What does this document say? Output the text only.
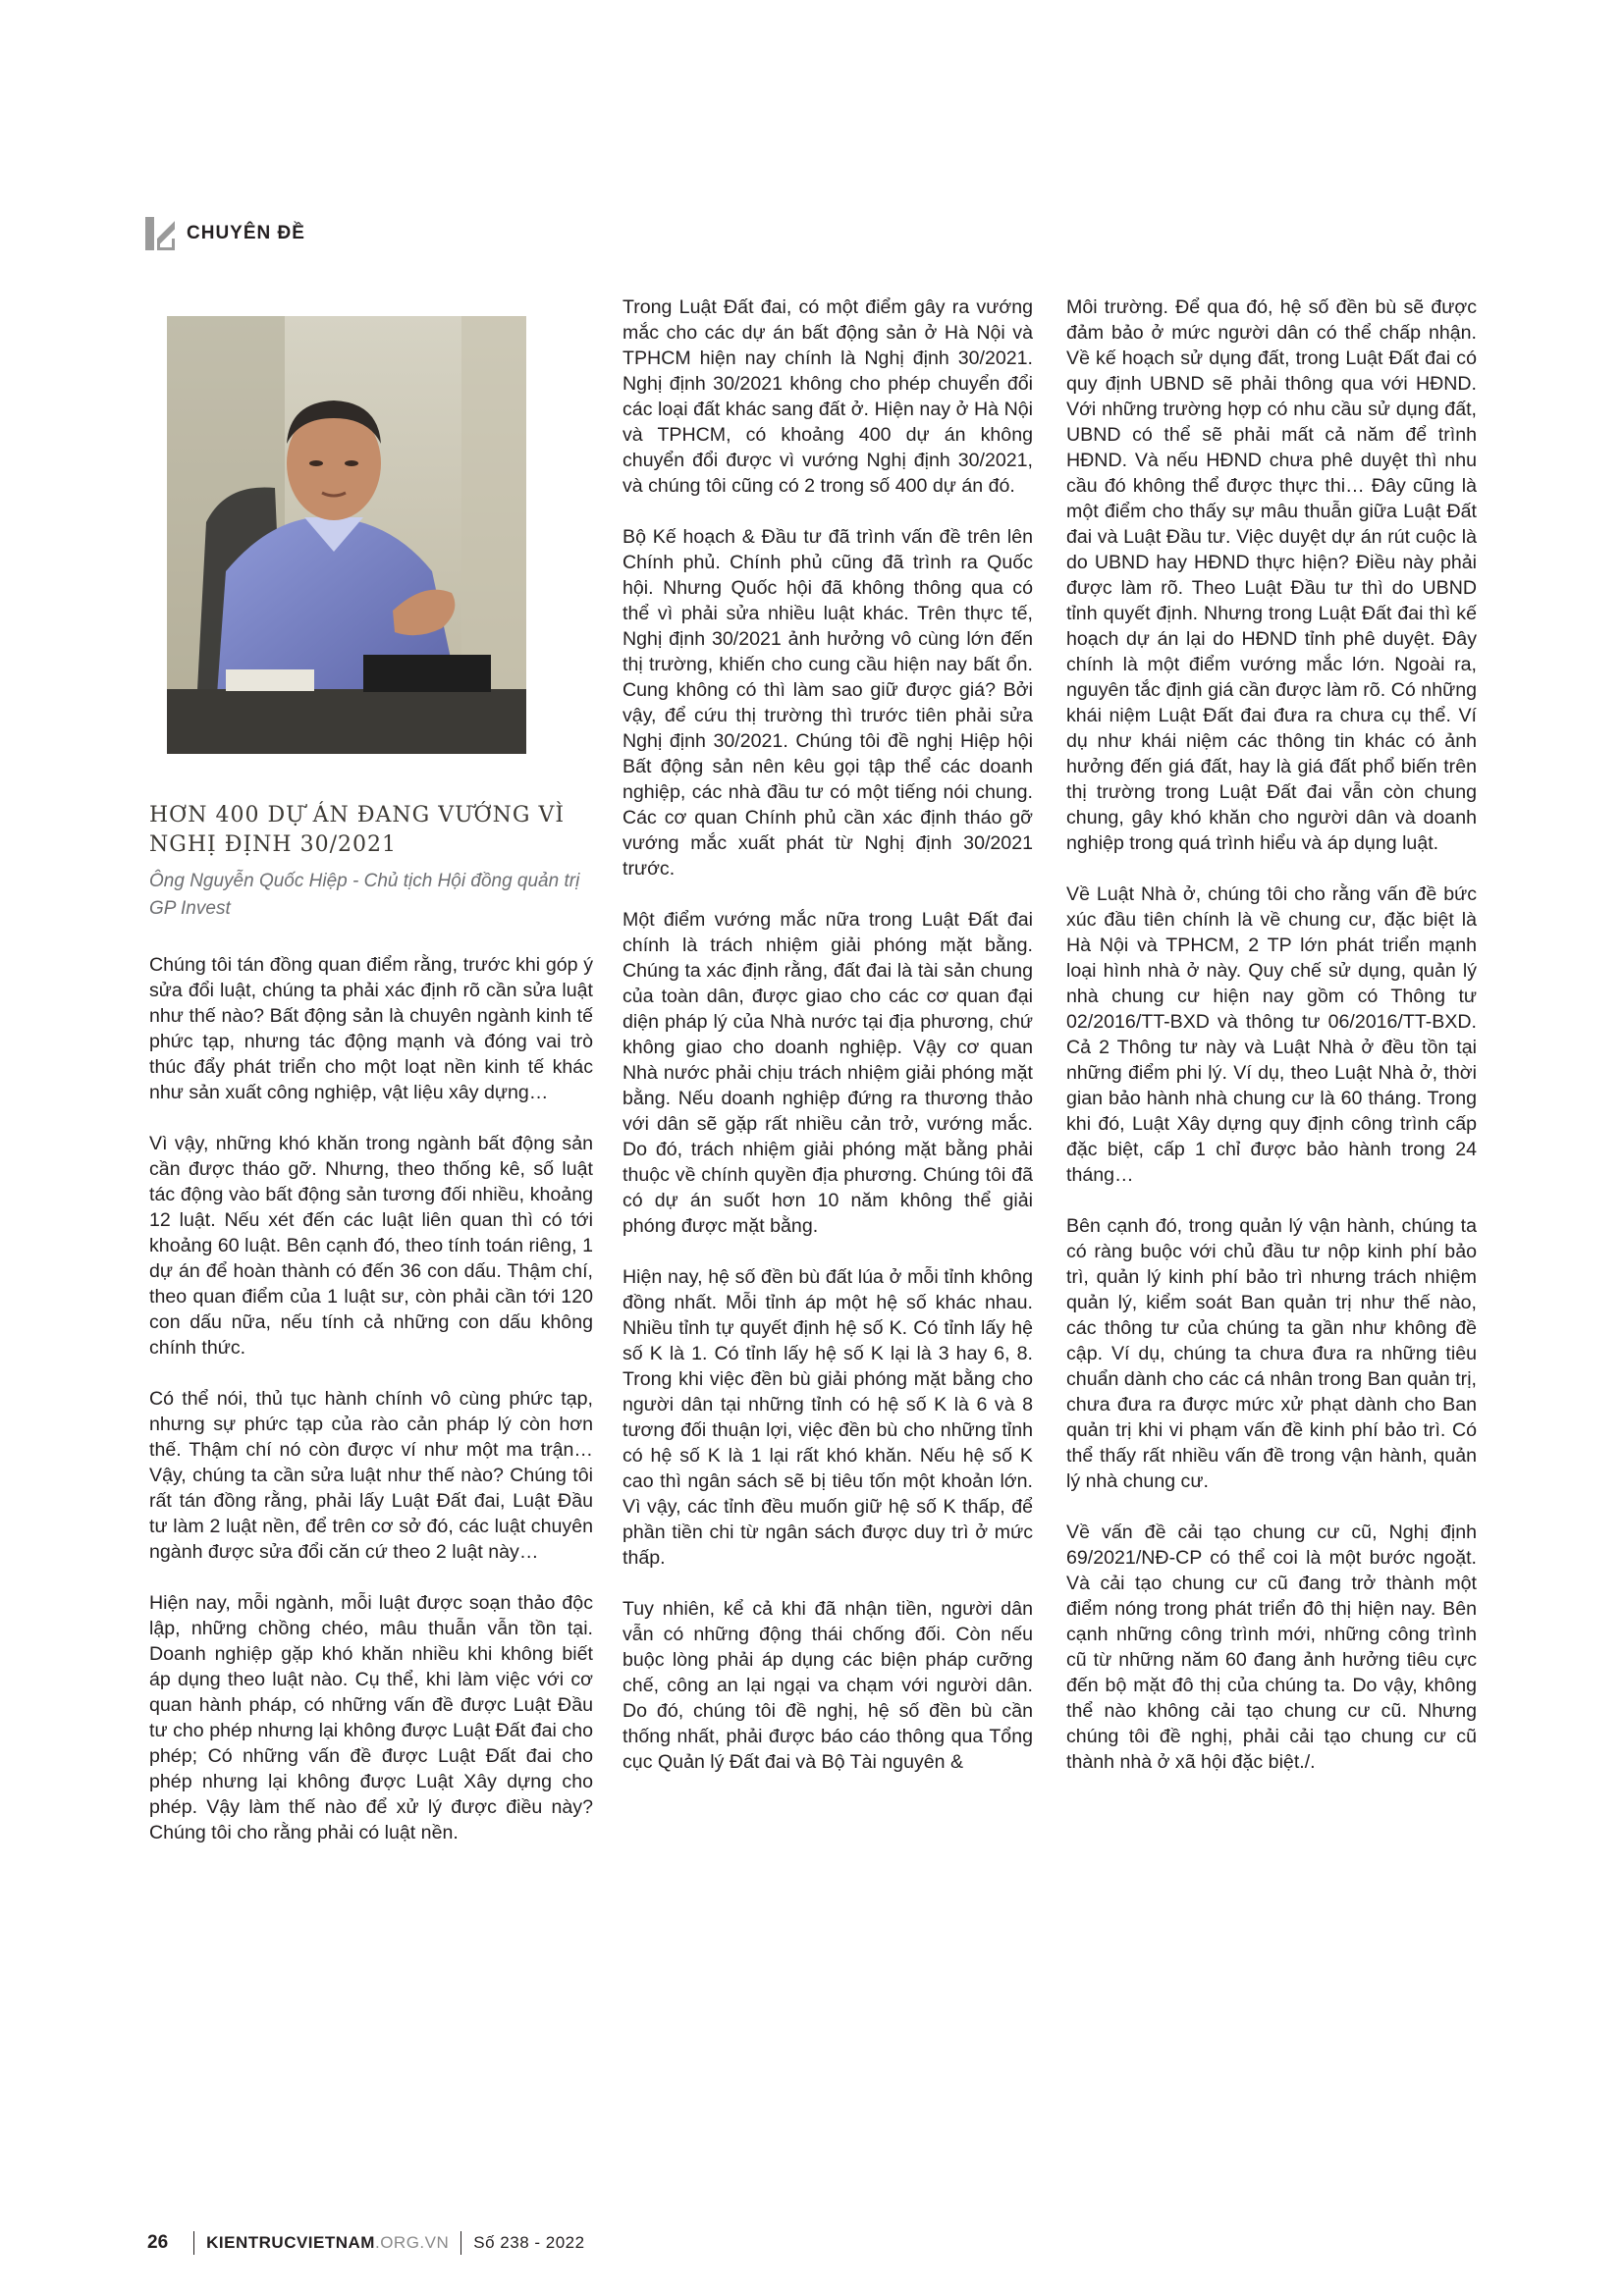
CHUYÊN ĐỀ
HƠN 400 DỰ ÁN ĐANG VƯỚNG VÌ NGHỊ ĐỊNH 30/2021
Ông Nguyễn Quốc Hiệp - Chủ tịch Hội đồng quản trị GP Invest

Chúng tôi tán đồng quan điểm rằng, trước khi góp ý sửa đổi luật, chúng ta phải xác định rõ cần sửa luật như thế nào? Bất động sản là chuyên ngành kinh tế phức tạp, nhưng tác động mạnh và đóng vai trò thúc đẩy phát triển cho một loạt nền kinh tế khác như sản xuất công nghiệp, vật liệu xây dựng…

Vì vậy, những khó khăn trong ngành bất động sản cần được tháo gỡ. Nhưng, theo thống kê, số luật tác động vào bất động sản tương đối nhiều, khoảng 12 luật. Nếu xét đến các luật liên quan thì có tới khoảng 60 luật. Bên cạnh đó, theo tính toán riêng, 1 dự án để hoàn thành có đến 36 con dấu. Thậm chí, theo quan điểm của 1 luật sư, còn phải cần tới 120 con dấu nữa, nếu tính cả những con dấu không chính thức.

Có thể nói, thủ tục hành chính vô cùng phức tạp, nhưng sự phức tạp của rào cản pháp lý còn hơn thế. Thậm chí nó còn được ví như một ma trận… Vậy, chúng ta cần sửa luật như thế nào? Chúng tôi rất tán đồng rằng, phải lấy Luật Đất đai, Luật Đầu tư làm 2 luật nền, để trên cơ sở đó, các luật chuyên ngành được sửa đổi căn cứ theo 2 luật này…

Hiện nay, mỗi ngành, mỗi luật được soạn thảo độc lập, những chồng chéo, mâu thuẫn vẫn tồn tại. Doanh nghiệp gặp khó khăn nhiều khi không biết áp dụng theo luật nào. Cụ thể, khi làm việc với cơ quan hành pháp, có những vấn đề được Luật Đầu tư cho phép nhưng lại không được Luật Đất đai cho phép; Có những vấn đề được Luật Đất đai cho phép nhưng lại không được Luật Xây dựng cho phép. Vậy làm thế nào để xử lý được điều này? Chúng tôi cho rằng phải có luật nền.

Trong Luật Đất đai, có một điểm gây ra vướng mắc cho các dự án bất động sản ở Hà Nội và TPHCM hiện nay chính là Nghị định 30/2021. Nghị định 30/2021 không cho phép chuyển đổi các loại đất khác sang đất ở. Hiện nay ở Hà Nội và TPHCM, có khoảng 400 dự án không chuyển đổi được vì vướng Nghị định 30/2021, và chúng tôi cũng có 2 trong số 400 dự án đó.

Bộ Kế hoạch & Đầu tư đã trình vấn đề trên lên Chính phủ. Chính phủ cũng đã trình ra Quốc hội. Nhưng Quốc hội đã không thông qua có thể vì phải sửa nhiều luật khác. Trên thực tế, Nghị định 30/2021 ảnh hưởng vô cùng lớn đến thị trường, khiến cho cung cầu hiện nay bất ổn. Cung không có thì làm sao giữ được giá? Bởi vậy, để cứu thị trường thì trước tiên phải sửa Nghị định 30/2021. Chúng tôi đề nghị Hiệp hội Bất động sản nên kêu gọi tập thể các doanh nghiệp, các nhà đầu tư có một tiếng nói chung. Các cơ quan Chính phủ cần xác định tháo gỡ vướng mắc xuất phát từ Nghị định 30/2021 trước.

Một điểm vướng mắc nữa trong Luật Đất đai chính là trách nhiệm giải phóng mặt bằng. Chúng ta xác định rằng, đất đai là tài sản chung của toàn dân, được giao cho các cơ quan đại diện pháp lý của Nhà nước tại địa phương, chứ không giao cho doanh nghiệp. Vậy cơ quan Nhà nước phải chịu trách nhiệm giải phóng mặt bằng. Nếu doanh nghiệp đứng ra thương thảo với dân sẽ gặp rất nhiều cản trở, vướng mắc. Do đó, trách nhiệm giải phóng mặt bằng phải thuộc về chính quyền địa phương. Chúng tôi đã có dự án suốt hơn 10 năm không thể giải phóng được mặt bằng.

Hiện nay, hệ số đền bù đất lúa ở mỗi tỉnh không đồng nhất. Mỗi tỉnh áp một hệ số khác nhau. Nhiều tỉnh tự quyết định hệ số K. Có tỉnh lấy hệ số K là 1. Có tỉnh lấy hệ số K lại là 3 hay 6, 8. Trong khi việc đền bù giải phóng mặt bằng cho người dân tại những tỉnh có hệ số K là 6 và 8 tương đối thuận lợi, việc đền bù cho những tỉnh có hệ số K là 1 lại rất khó khăn. Nếu hệ số K cao thì ngân sách sẽ bị tiêu tốn một khoản lớn. Vì vậy, các tỉnh đều muốn giữ hệ số K thấp, để phần tiền chi từ ngân sách được duy trì ở mức thấp.

Tuy nhiên, kể cả khi đã nhận tiền, người dân vẫn có những động thái chống đối. Còn nếu buộc lòng phải áp dụng các biện pháp cưỡng chế, công an lại ngại va chạm với người dân. Do đó, chúng tôi đề nghị, hệ số đền bù cần thống nhất, phải được báo cáo thông qua Tổng cục Quản lý Đất đai và Bộ Tài nguyên &

Môi trường. Để qua đó, hệ số đền bù sẽ được đảm bảo ở mức người dân có thể chấp nhận. Về kế hoạch sử dụng đất, trong Luật Đất đai có quy định UBND sẽ phải thông qua với HĐND. Với những trường hợp có nhu cầu sử dụng đất, UBND có thể sẽ phải mất cả năm để trình HĐND. Và nếu HĐND chưa phê duyệt thì nhu cầu đó không thể được thực thi… Đây cũng là một điểm cho thấy sự mâu thuẫn giữa Luật Đất đai và Luật Đầu tư. Việc duyệt dự án rút cuộc là do UBND hay HĐND thực hiện? Điều này phải được làm rõ. Theo Luật Đầu tư thì do UBND tỉnh quyết định. Nhưng trong Luật Đất đai thì kế hoạch dự án lại do HĐND tỉnh phê duyệt. Đây chính là một điểm vướng mắc lớn. Ngoài ra, nguyên tắc định giá cần được làm rõ. Có những khái niệm Luật Đất đai đưa ra chưa cụ thể. Ví dụ như khái niệm các thông tin khác có ảnh hưởng đến giá đất, hay là giá đất phổ biến trên thị trường trong Luật Đất đai vẫn còn chung chung, gây khó khăn cho người dân và doanh nghiệp trong quá trình hiểu và áp dụng luật.

Về Luật Nhà ở, chúng tôi cho rằng vấn đề bức xúc đầu tiên chính là về chung cư, đặc biệt là Hà Nội và TPHCM, 2 TP lớn phát triển mạnh loại hình nhà ở này. Quy chế sử dụng, quản lý nhà chung cư hiện nay gồm có Thông tư 02/2016/TT-BXD và thông tư 06/2016/TT-BXD. Cả 2 Thông tư này và Luật Nhà ở đều tồn tại những điểm phi lý. Ví dụ, theo Luật Nhà ở, thời gian bảo hành nhà chung cư là 60 tháng. Trong khi đó, Luật Xây dựng quy định công trình cấp đặc biệt, cấp 1 chỉ được bảo hành trong 24 tháng…

Bên cạnh đó, trong quản lý vận hành, chúng ta có ràng buộc với chủ đầu tư nộp kinh phí bảo trì, quản lý kinh phí bảo trì nhưng trách nhiệm quản lý, kiểm soát Ban quản trị như thế nào, các thông tư của chúng ta gần như không đề cập. Ví dụ, chúng ta chưa đưa ra những tiêu chuẩn dành cho các cá nhân trong Ban quản trị, chưa đưa ra được mức xử phạt dành cho Ban quản trị khi vi phạm vấn đề kinh phí bảo trì. Có thể thấy rất nhiều vấn đề trong vận hành, quản lý nhà chung cư.

Về vấn đề cải tạo chung cư cũ, Nghị định 69/2021/NĐ-CP có thể coi là một bước ngoặt. Và cải tạo chung cư cũ đang trở thành một điểm nóng trong phát triển đô thị hiện nay. Bên cạnh những công trình mới, những công trình cũ từ những năm 60 đang ảnh hưởng tiêu cực đến bộ mặt đô thị của chúng ta. Do vậy, không thể nào không cải tạo chung cư cũ. Nhưng chúng tôi đề nghị, phải cải tạo chung cư cũ thành nhà ở xã hội đặc biệt./.

26 KIENTRUCVIETNAM .ORG.VN Số 238 - 2022
